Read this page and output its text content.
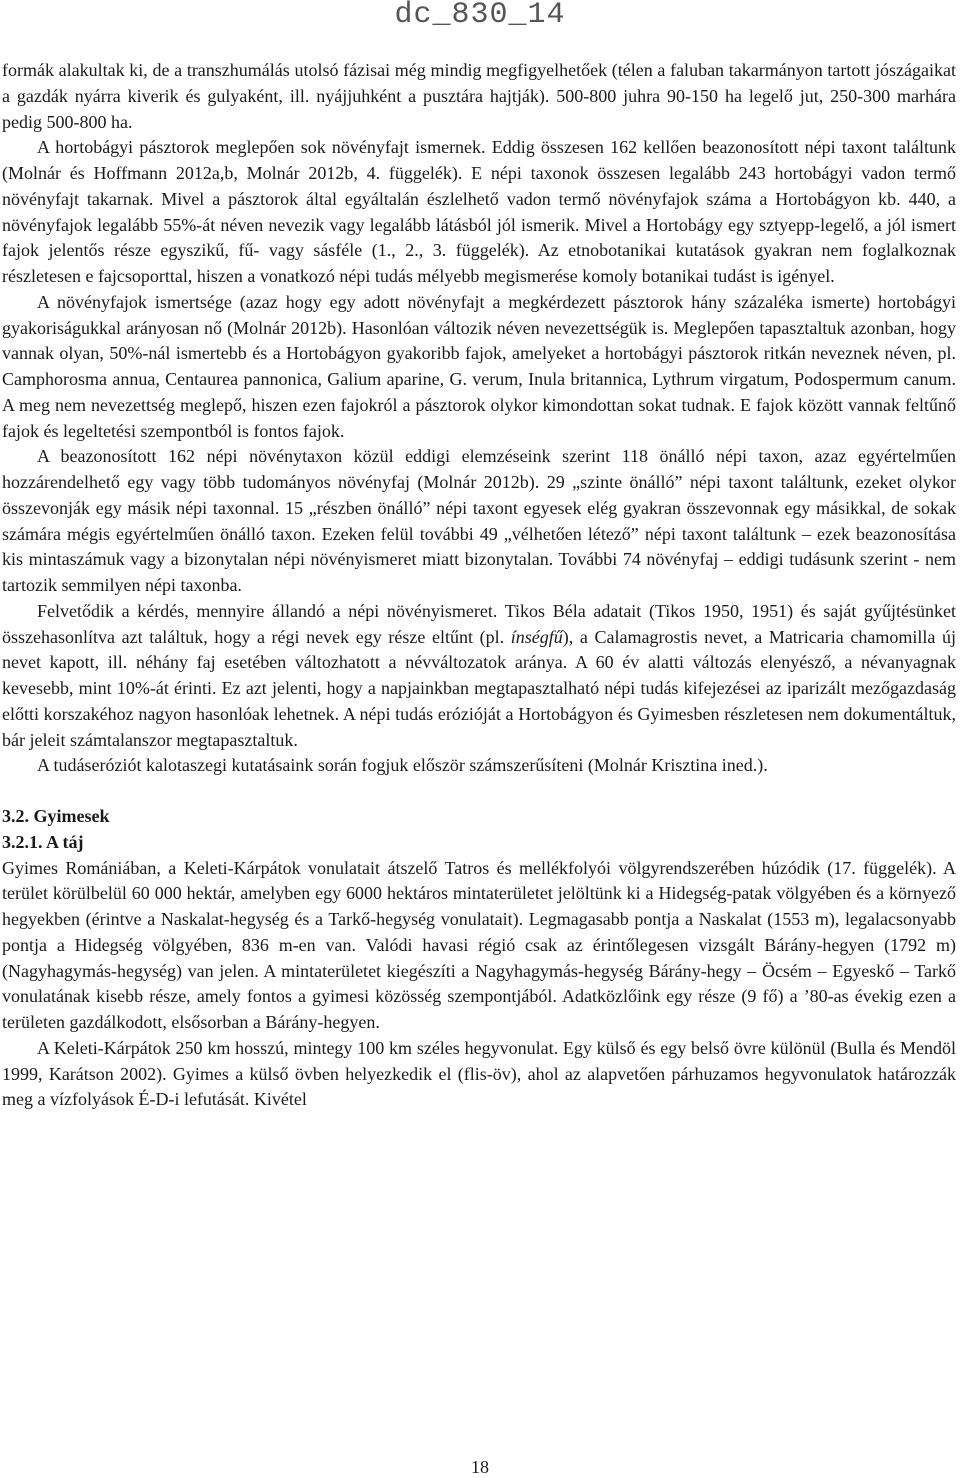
dc_830_14

formák alakultak ki, de a transzhumálás utolsó fázisai még mindig megfigyelhetőek (télen a faluban takarmányon tartott jószágaikat a gazdák nyárra kiverik és gulyaként, ill. nyájjuhként a pusztára hajtják). 500-800 juhra 90-150 ha legelő jut, 250-300 marhára pedig 500-800 ha.

A hortobágyi pásztorok meglepően sok növényfajt ismernek. Eddig összesen 162 kellően beazonosított népi taxont találtunk (Molnár és Hoffmann 2012a,b, Molnár 2012b, 4. függelék). E népi taxonok összesen legalább 243 hortobágyi vadon termő növényfajt takarnak. Mivel a pásztorok által egyáltalán észlelhető vadon termő növényfajok száma a Hortobágyon kb. 440, a növényfajok legalább 55%-át néven nevezik vagy legalább látásból jól ismerik. Mivel a Hortobágy egy sztyepp-legelő, a jól ismert fajok jelentős része egyszikű, fű- vagy sásféle (1., 2., 3. függelék). Az etnobotanikai kutatások gyakran nem foglalkoznak részletesen e fajcsoporttal, hiszen a vonatkozó népi tudás mélyebb megismerése komoly botanikai tudást is igényel.

A növényfajok ismertsége (azaz hogy egy adott növényfajt a megkérdezett pásztorok hány százaléka ismerte) hortobágyi gyakoriságukkal arányosan nő (Molnár 2012b). Hasonlóan változik néven nevezettségük is. Meglepően tapasztaltuk azonban, hogy vannak olyan, 50%-nál ismertebb és a Hortobágyon gyakoribb fajok, amelyeket a hortobágyi pásztorok ritkán neveznek néven, pl. Camphorosma annua, Centaurea pannonica, Galium aparine, G. verum, Inula britannica, Lythrum virgatum, Podospermum canum. A meg nem nevezettség meglepő, hiszen ezen fajokról a pásztorok olykor kimondottan sokat tudnak. E fajok között vannak feltűnő fajok és legeltetési szempontból is fontos fajok.

A beazonosított 162 népi növénytaxon közül eddigi elemzéseink szerint 118 önálló népi taxon, azaz egyértelműen hozzárendelhető egy vagy több tudományos növényfaj (Molnár 2012b). 29 „szinte önálló” népi taxont találtunk, ezeket olykor összevonják egy másik népi taxonnal. 15 „részben önálló” népi taxont egyesek elég gyakran összevonnak egy másikkal, de sokak számára mégis egyértelműen önálló taxon. Ezeken felül további 49 „vélhetően létező” népi taxont találtunk – ezek beazonosítása kis mintaszámuk vagy a bizonytalan népi növényismeret miatt bizonytalan. További 74 növényfaj – eddigi tudásunk szerint - nem tartozik semmilyen népi taxonba.

Felvetődik a kérdés, mennyire állandó a népi növényismeret. Tikos Béla adatait (Tikos 1950, 1951) és saját gyűjtésünket összehasonlítva azt találtuk, hogy a régi nevek egy része eltűnt (pl. ínségfű), a Calamagrostis nevet, a Matricaria chamomilla új nevet kapott, ill. néhány faj esetében változhatott a névváltozatok aránya. A 60 év alatti változás elenyésző, a névanyagnak kevesebb, mint 10%-át érinti. Ez azt jelenti, hogy a napjainkban megtapasztalható népi tudás kifejezései az iparizált mezőgazdaság előtti korszakéhoz nagyon hasonlóak lehetnek. A népi tudás erózióját a Hortobágyon és Gyimesben részletesen nem dokumentáltuk, bár jeleit számtalanszor megtapasztaltuk.

A tudáseróziót kalotaszegi kutatásaink során fogjuk először számszerűsíteni (Molnár Krisztina ined.).

3.2. Gyimesek

3.2.1. A táj

Gyimes Romániában, a Keleti-Kárpátok vonulatait átszelő Tatros és mellékfolyói völgyrendszerében húzódik (17. függelék). A terület körülbelül 60 000 hektár, amelyben egy 6000 hektáros mintaterületet jelöltünk ki a Hidegség-patak völgyében és a környező hegyekben (érintve a Naskalat-hegység és a Tarkő-hegység vonulatait). Legmagasabb pontja a Naskalat (1553 m), legalacsonyabb pontja a Hidegség völgyében, 836 m-en van. Valódi havasi régió csak az érintőlegesen vizsgált Bárány-hegyen (1792 m) (Nagyhagymás-hegység) van jelen. A mintaterületet kiegészíti a Nagyhagymás-hegység Bárány-hegy – Öcsém – Egyeskő – Tarkő vonulatának kisebb része, amely fontos a gyimesi közösség szempontjából. Adatközlőink egy része (9 fő) a ’80-as évekig ezen a területen gazdálkodott, elsősorban a Bárány-hegyen.

A Keleti-Kárpátok 250 km hosszú, mintegy 100 km széles hegyvonulat. Egy külső és egy belső övre különül (Bulla és Mendöl 1999, Karátson 2002). Gyimes a külső övben helyezkedik el (flis-öv), ahol az alapvetően párhuzamos hegyvonulatok határozzák meg a vízfolyások É-D-i lefutását. Kivétel

18
